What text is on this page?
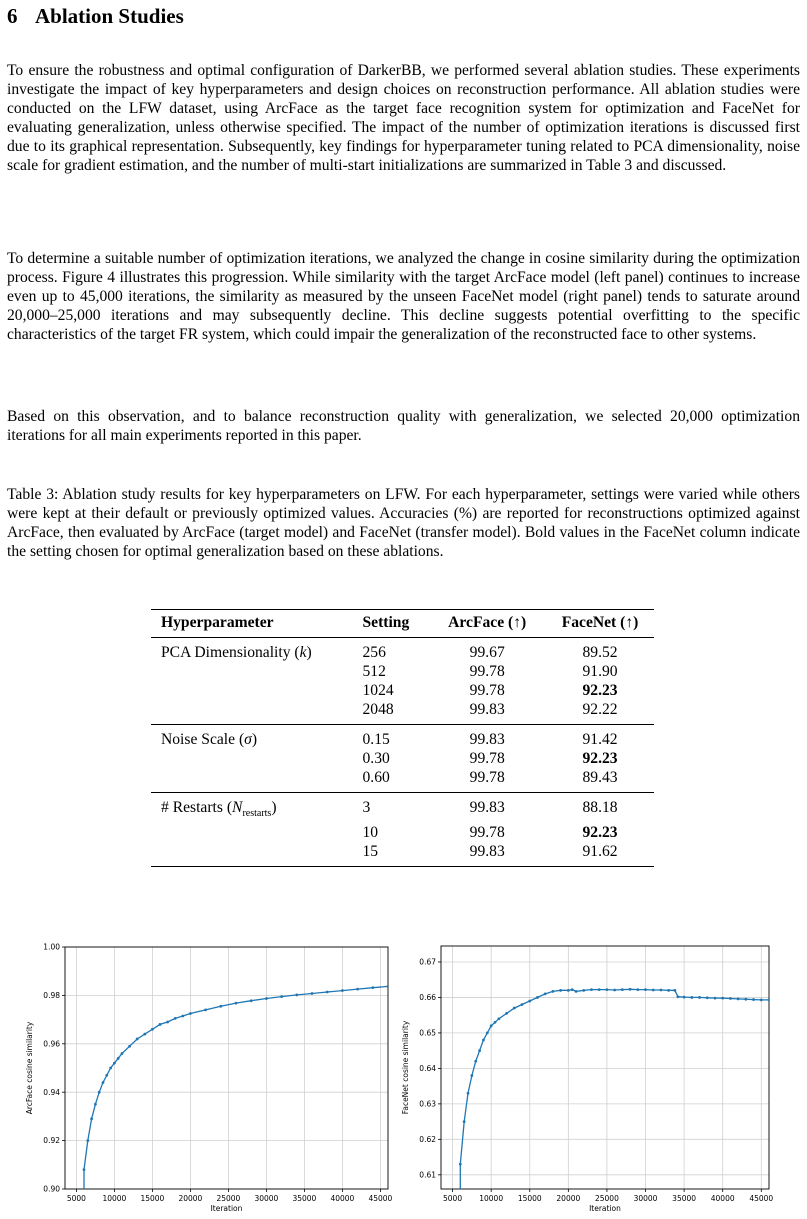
6 Ablation Studies

To ensure the robustness and optimal configuration of DarkerBB, we performed several ablation studies. These experiments investigate the impact of key hyperparameters and design choices on reconstruction performance. All ablation studies were conducted on the LFW dataset, using ArcFace as the target face recognition system for optimization and FaceNet for evaluating generalization, unless otherwise specified. The impact of the number of optimization iterations is discussed first due to its graphical representation. Subsequently, key findings for hyperparameter tuning related to PCA dimensionality, noise scale for gradient estimation, and the number of multi-start initializations are summarized in Table 3 and discussed.

To determine a suitable number of optimization iterations, we analyzed the change in cosine similarity during the optimization process. Figure 4 illustrates this progression. While similarity with the target ArcFace model (left panel) continues to increase even up to 45,000 iterations, the similarity as measured by the unseen FaceNet model (right panel) tends to saturate around 20,000–25,000 iterations and may subsequently decline. This decline suggests potential overfitting to the specific characteristics of the target FR system, which could impair the generalization of the reconstructed face to other systems.

Based on this observation, and to balance reconstruction quality with generalization, we selected 20,000 optimization iterations for all main experiments reported in this paper.

Table 3: Ablation study results for key hyperparameters on LFW. For each hyperparameter, settings were varied while others were kept at their default or previously optimized values. Accuracies (%) are reported for reconstructions optimized against ArcFace, then evaluated by ArcFace (target model) and FaceNet (transfer model). Bold values in the FaceNet column indicate the setting chosen for optimal generalization based on these ablations.

Hyperparameter	Setting	ArcFace (↑)	FaceNet (↑)
PCA Dimensionality (k)	256	99.67	89.52
	512	99.78	91.90
	1024	99.78	92.23
	2048	99.83	92.22
Noise Scale (σ)	0.15	99.83	91.42
	0.30	99.78	92.23
	0.60	99.78	89.43
# Restarts $(N_{restarts})$	3	99.83	88.18
	10	99.78	92.23
	15	99.83	91.62
5000 10000 15000 20000 25000 30000 35000 40000 45000
0.90
0.92
0.94
0.96
0.98
1.00
Iteration
ArcFace cosine similarity
5000 10000 15000 20000 25000 30000 35000 40000 45000
0.61
0.62
0.63
0.64
0.65
0.66
0.67
Iteration
FaceNet cosine similarity
